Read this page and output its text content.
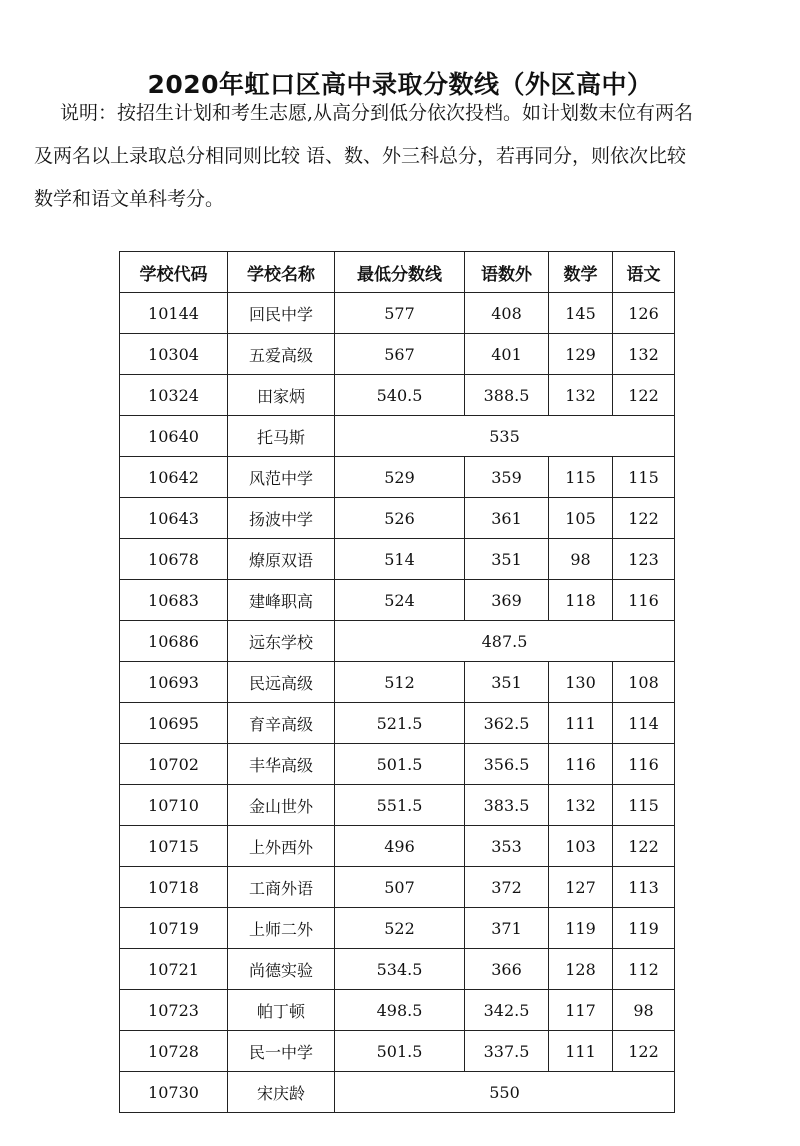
2020年虹口区高中录取分数线（外区高中）

说明：按招生计划和考生志愿,从高分到低分依次投档。如计划数末位有两名

及两名以上录取总分相同则比较 语、数、外三科总分，若再同分，则依次比较

数学和语文单科考分。

学校代码	学校名称	最低分数线	语数外	数学	语文
10144	回民中学	577	408	145	126
10304	五爱高级	567	401	129	132
10324	田家炳	540.5	388.5	132	122
10640	托马斯	535			
10642	风范中学	529	359	115	115
10643	扬波中学	526	361	105	122
10678	燎原双语	514	351	98	123
10683	建峰职高	524	369	118	116
10686	远东学校	487.5			
10693	民远高级	512	351	130	108
10695	育辛高级	521.5	362.5	111	114
10702	丰华高级	501.5	356.5	116	116
10710	金山世外	551.5	383.5	132	115
10715	上外西外	496	353	103	122
10718	工商外语	507	372	127	113
10719	上师二外	522	371	119	119
10721	尚德实验	534.5	366	128	112
10723	帕丁顿	498.5	342.5	117	98
10728	民一中学	501.5	337.5	111	122
10730	宋庆龄	550			
